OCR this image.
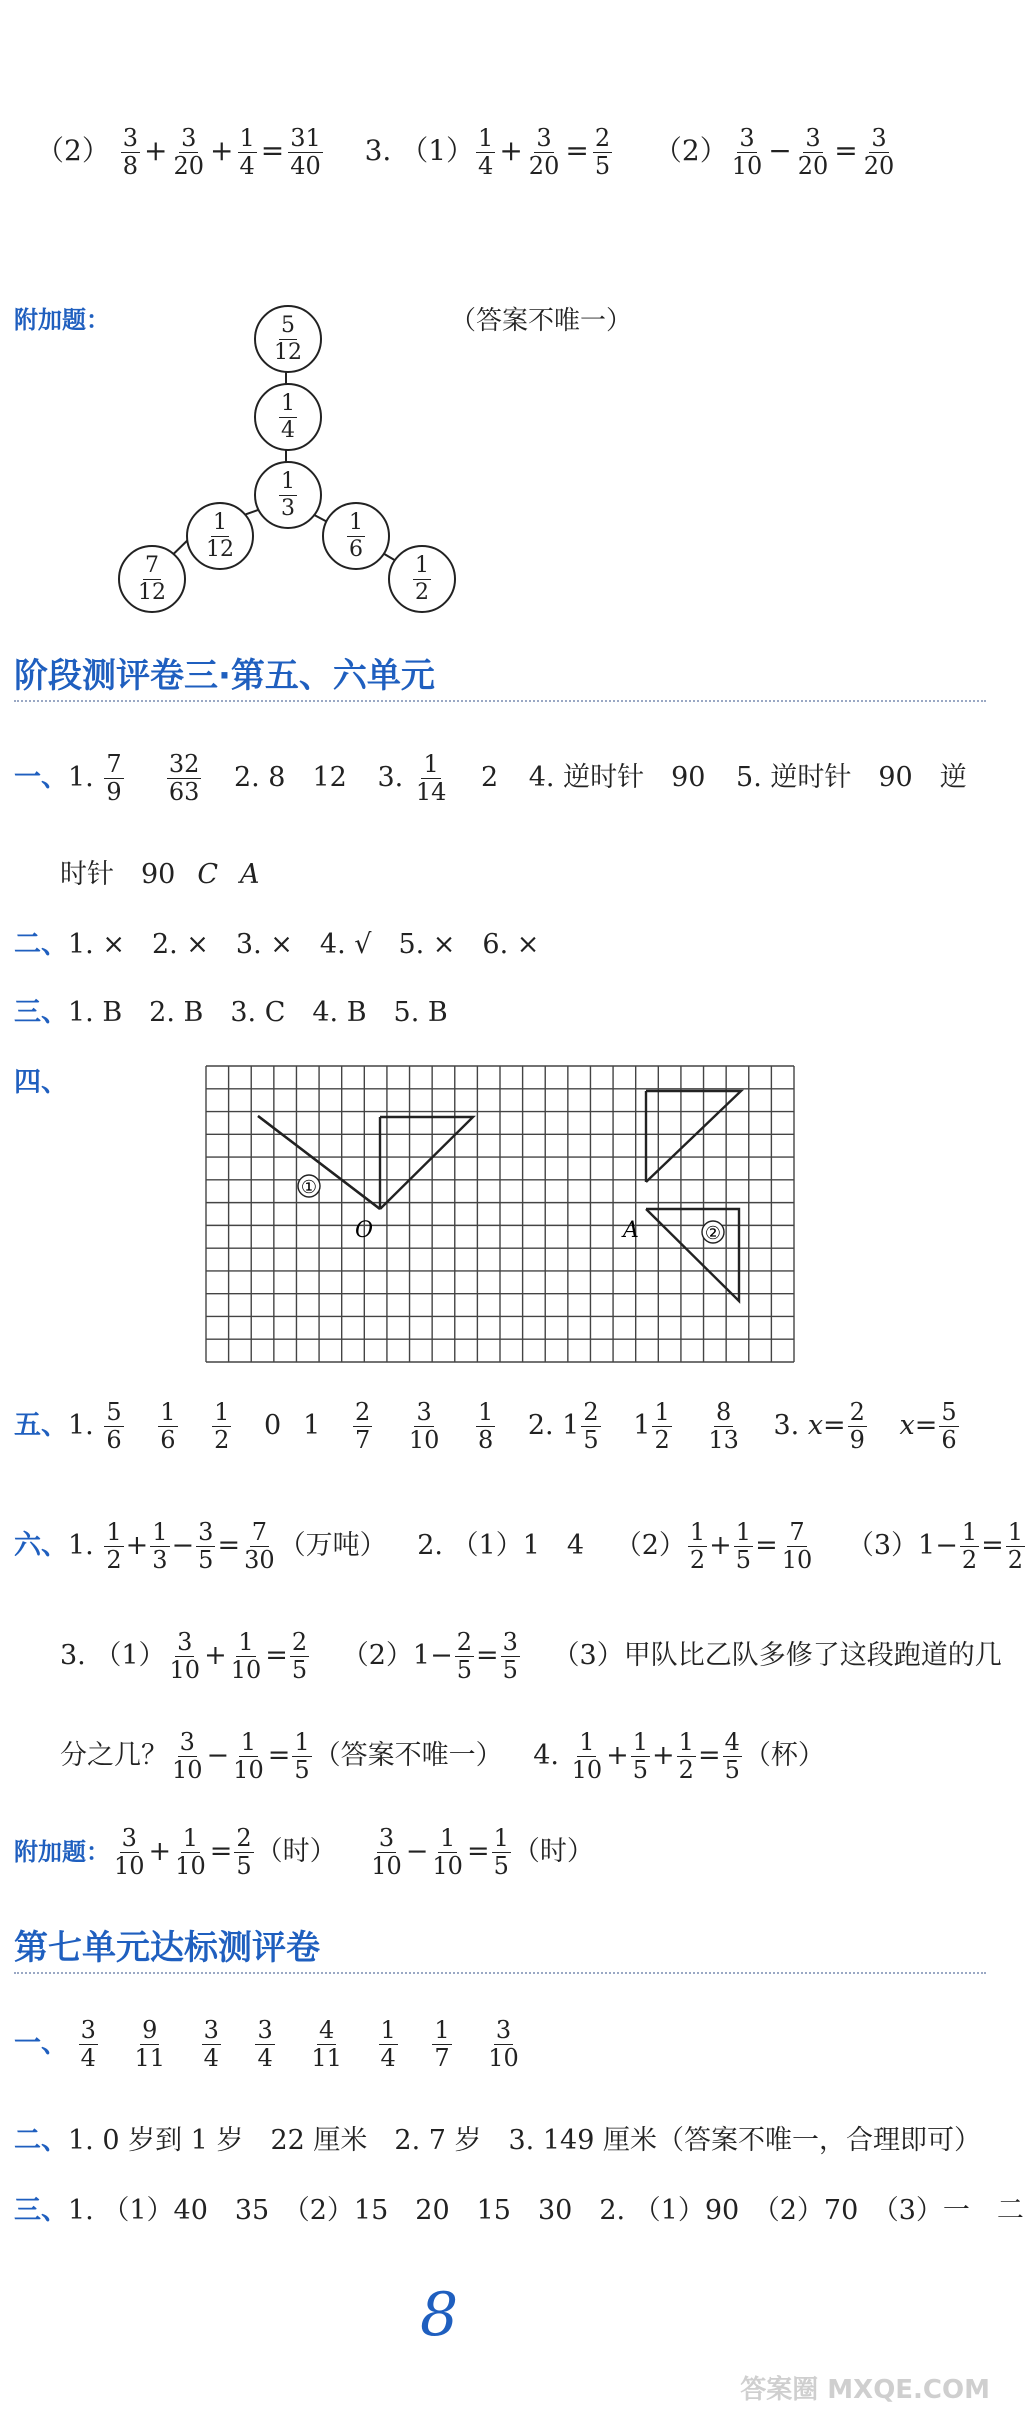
$(2) \frac{3}{8} + \frac{3}{20} + \frac{1}{4} = \frac{31}{40} 3$. $(1) \frac{1}{4} + \frac{3}{20} = \frac{2}{5} (2) \frac{3}{10} - \frac{3}{20} = \frac{3}{20}$
附加题：	（答案不唯一）
$\frac{5}{12}$
$\frac{1}{4}$
$\frac{1}{3}$
$\frac{1}{12}$
$\frac{7}{12}$
$\frac{1}{6}$
$\frac{1}{2}$
阶段测评卷三·第五、六单元
一、1. $\frac{7}{9}$
$\frac{32}{63} 2$. 8　12 3. $\frac{1}{14} 2$ 4. 逆时针　90 5. 逆时针　90　逆
时针　90 C A
二、1. ×　2. ×　3. ×　4. √　5. ×　6. ×
三、1. B　2. B　3. C　4. B　5. B
四、
①
O	A	②
五、1. $\frac{5}{6}$
$\frac{1}{6}$
$\frac{1}{2} 0$ $1 \frac{2}{7}$
$\frac{3}{10}$
$\frac{1}{8} 2$. $1 \frac{2}{5} 1 \frac{1}{2}$
$\frac{8}{13} 3$. $x= \frac{2}{9} x= \frac{5}{6}$
六、1. $\frac{1}{2} + \frac{1}{3} - \frac{3}{5} = \frac{7}{30}$ （万吨） 2. （1）1　4 $(2) \frac{1}{2} + \frac{1}{5} = \frac{7}{10} (3)1- \frac{1}{2} = \frac{1}{2}$
3. $(1) \frac{3}{10} + \frac{1}{10} = \frac{2}{5} (2)1- \frac{2}{5} = \frac{3}{5} (3)$甲队比乙队多修了这段跑道的几
分之几？ $\frac{3}{10} - \frac{1}{10} = \frac{1}{5}$ （答案不唯一） 4. $\frac{1}{10} + \frac{1}{5} + \frac{1}{2} = \frac{4}{5}$ （杯）
附加题： $\frac{3}{10} + \frac{1}{10} = \frac{2}{5}$ （时） $\frac{3}{10} - \frac{1}{10} = \frac{1}{5}$ （时）
第七单元达标测评卷
一、 $\frac{3}{4}$
$\frac{9}{11}$
$\frac{3}{4}$
$\frac{3}{4}$
$\frac{4}{11}$
$\frac{1}{4}$
$\frac{1}{7}$
$\frac{3}{10}$
二、1. 0 岁到 1 岁　22 厘米　2. 7 岁　3. 149 厘米（答案不唯一，合理即可）
三、1. （1）40　35　（2）15　20　15　30　2. （1）90　（2）70　（3）一　二
8
答案圈 MXQE.COM
